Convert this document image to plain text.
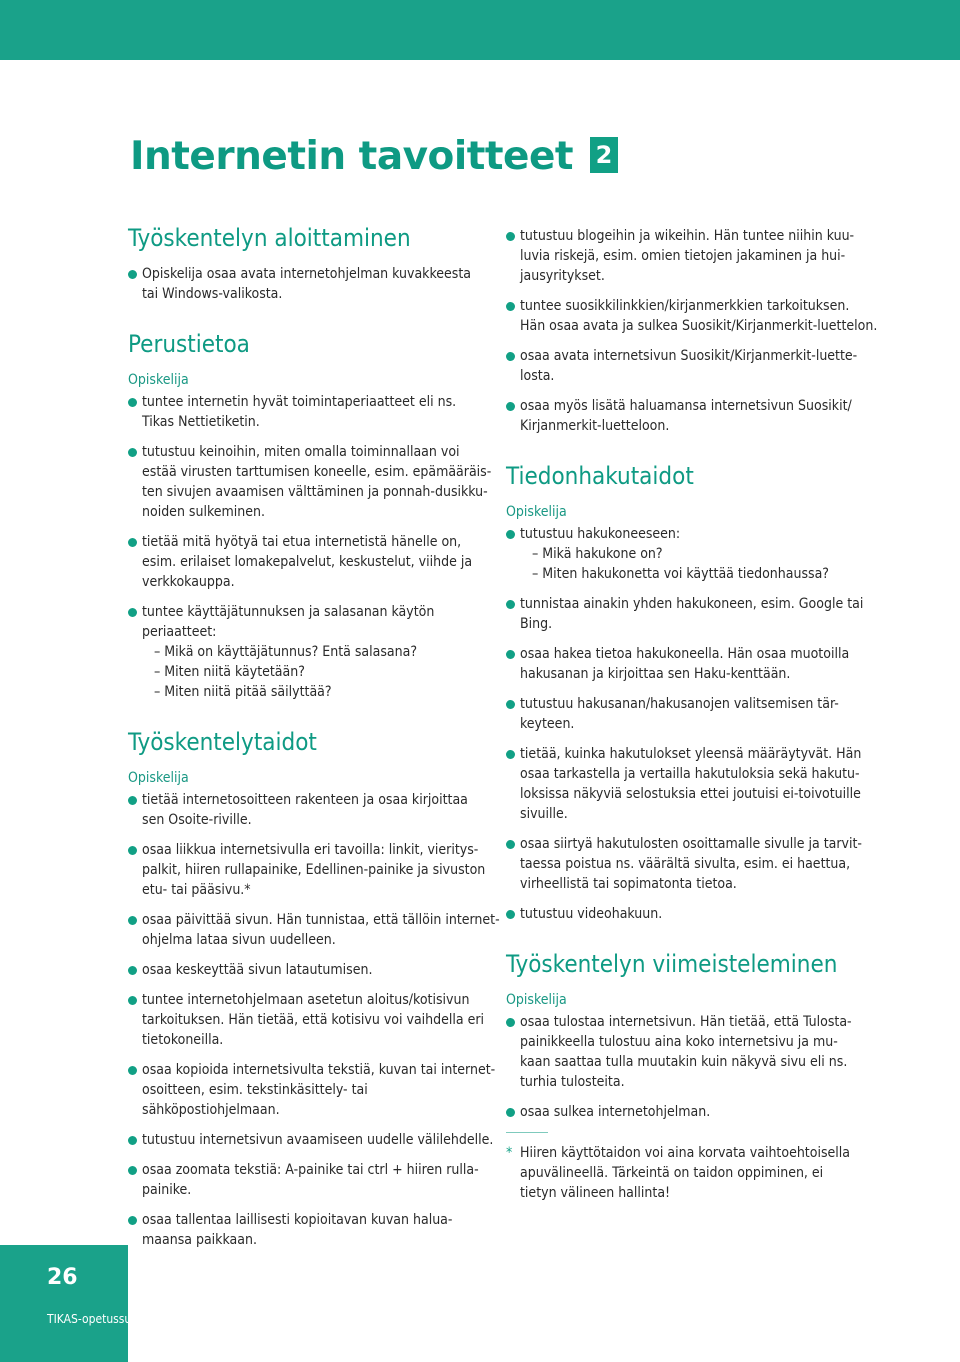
Internetin tavoitteet 2
Työskentelyn aloittaminen
Opiskelija osaa avata internetohjelman kuvakkeesta
tai Windows-valikosta.
Perustietoa
Opiskelija
tuntee internetin hyvät toimintaperiaatteet eli ns.
Tikas Nettietiketin.
tutustuu keinoihin, miten omalla toiminnallaan voi
estää virusten tarttumisen koneelle, esim. epämääräis-
ten sivujen avaamisen välttäminen ja ponnah-dusikku-
noiden sulkeminen.
tietää mitä hyötyä tai etua internetistä hänelle on,
esim. erilaiset lomakepalvelut, keskustelut, viihde ja
verkkokauppa.
tuntee käyttäjätunnuksen ja salasanan käytön periaatteet:
– Mikä on käyttäjätunnus? Entä salasana?
– Miten niitä käytetään?
– Miten niitä pitää säilyttää?
Työskentelytaidot
Opiskelija
tietää internetosoitteen rakenteen ja osaa kirjoittaa
sen Osoite-riville.
osaa liikkua internetsivulla eri tavoilla: linkit, vieritys-
palkit, hiiren rullapainike, Edellinen-painike ja sivuston
etu- tai pääsivu.*
osaa päivittää sivun. Hän tunnistaa, että tällöin internet-
ohjelma lataa sivun uudelleen.
osaa keskeyttää sivun latautumisen.
tuntee internetohjelmaan asetetun aloitus/kotisivun
tarkoituksen. Hän tietää, että kotisivu voi vaihdella eri
tietokoneilla.
osaa kopioida internetsivulta tekstiä, kuvan tai internet-
osoitteen, esim. tekstinkäsittely- tai sähköpostiohjelmaan.
tutustuu internetsivun avaamiseen uudelle välilehdelle.
osaa zoomata tekstiä: A-painike tai ctrl + hiiren rulla-
painike.
osaa tallentaa laillisesti kopioitavan kuvan halua-
maansa paikkaan.
tutustuu blogeihin ja wikeihin. Hän tuntee niihin kuu-
luvia riskejä, esim. omien tietojen jakaminen ja hui-
jausyritykset.
tuntee suosikkilinkkien/kirjanmerkkien tarkoituksen.
Hän osaa avata ja sulkea Suosikit/Kirjanmerkit-luettelon.
osaa avata internetsivun Suosikit/Kirjanmerkit-luette-
losta.
osaa myös lisätä haluamansa internetsivun Suosikit/
Kirjanmerkit-luetteloon.
Tiedonhakutaidot
Opiskelija
tutustuu hakukoneeseen:
– Mikä hakukone on?
– Miten hakukonetta voi käyttää tiedonhaussa?
tunnistaa ainakin yhden hakukoneen, esim. Google tai
Bing.
osaa hakea tietoa hakukoneella. Hän osaa muotoilla
hakusanan ja kirjoittaa sen Haku-kenttään.
tutustuu hakusanan/hakusanojen valitsemisen tär-
keyteen.
tietää, kuinka hakutulokset yleensä määräytyvät. Hän
osaa tarkastella ja vertailla hakutuloksia sekä hakutu-
loksissa näkyviä selostuksia ettei joutuisi ei-toivotuille
sivuille.
osaa siirtyä hakutulosten osoittamalle sivulle ja tarvit-
taessa poistua ns. väärältä sivulta, esim. ei haettua,
virheellistä tai sopimatonta tietoa.
tutustuu videohakuun.
Työskentelyn viimeisteleminen
Opiskelija
osaa tulostaa internetsivun. Hän tietää, että Tulosta-
painikkeella tulostuu aina koko internetsivu ja mu-
kaan saattaa tulla muutakin kuin näkyvä sivu eli ns.
turhia tulosteita.
osaa sulkea internetohjelman.
* Hiiren käyttötaidon voi aina korvata vaihtoehtoisella
apuvälineellä. Tärkeintä on taidon oppiminen, ei
tietyn välineen hallinta!
26
TIKAS-opetussuunnitelma: Petri Ilmonen / Oppimateriaalikeskus Opike.
